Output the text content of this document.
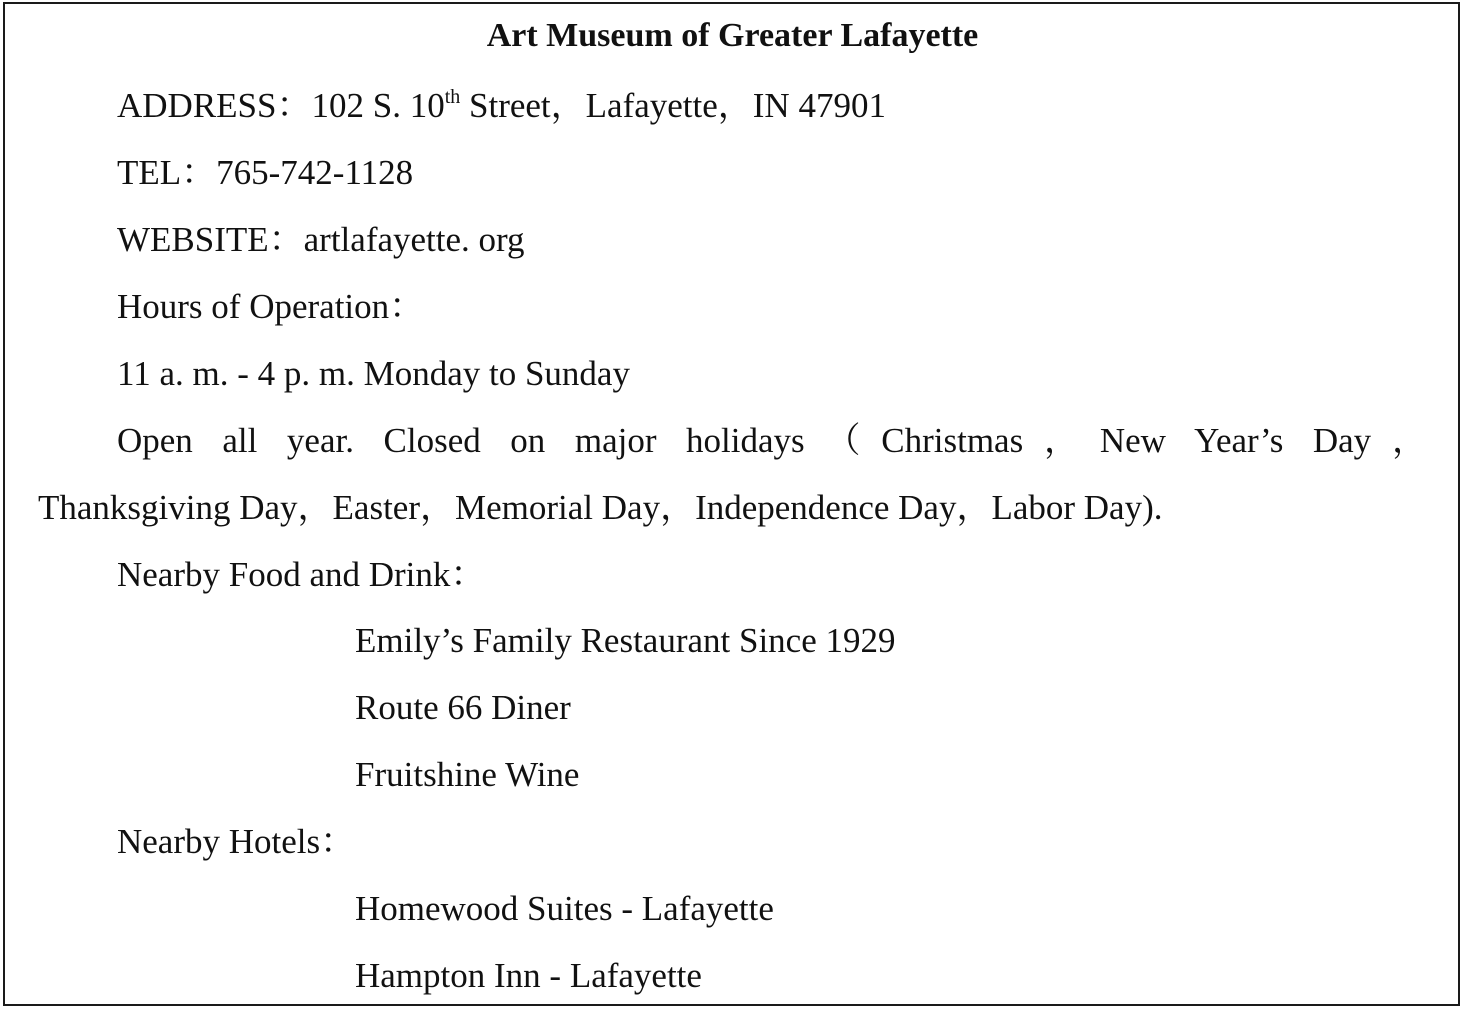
Art Museum of Greater Lafayette
ADDRESS：102 S. 10th Street，Lafayette，IN 47901
TEL：765-742-1128
WEBSITE：artlafayette. org
Hours of Operation：
11 a. m. - 4 p. m. Monday to Sunday
Open all year. Closed on major holidays（Christmas，New Year’s Day，
Thanksgiving Day，Easter，Memorial Day，Independence Day，Labor Day).
Nearby Food and Drink：
Emily’s Family Restaurant Since 1929
Route 66 Diner
Fruitshine Wine
Nearby Hotels：
Homewood Suites - Lafayette
Hampton Inn - Lafayette
